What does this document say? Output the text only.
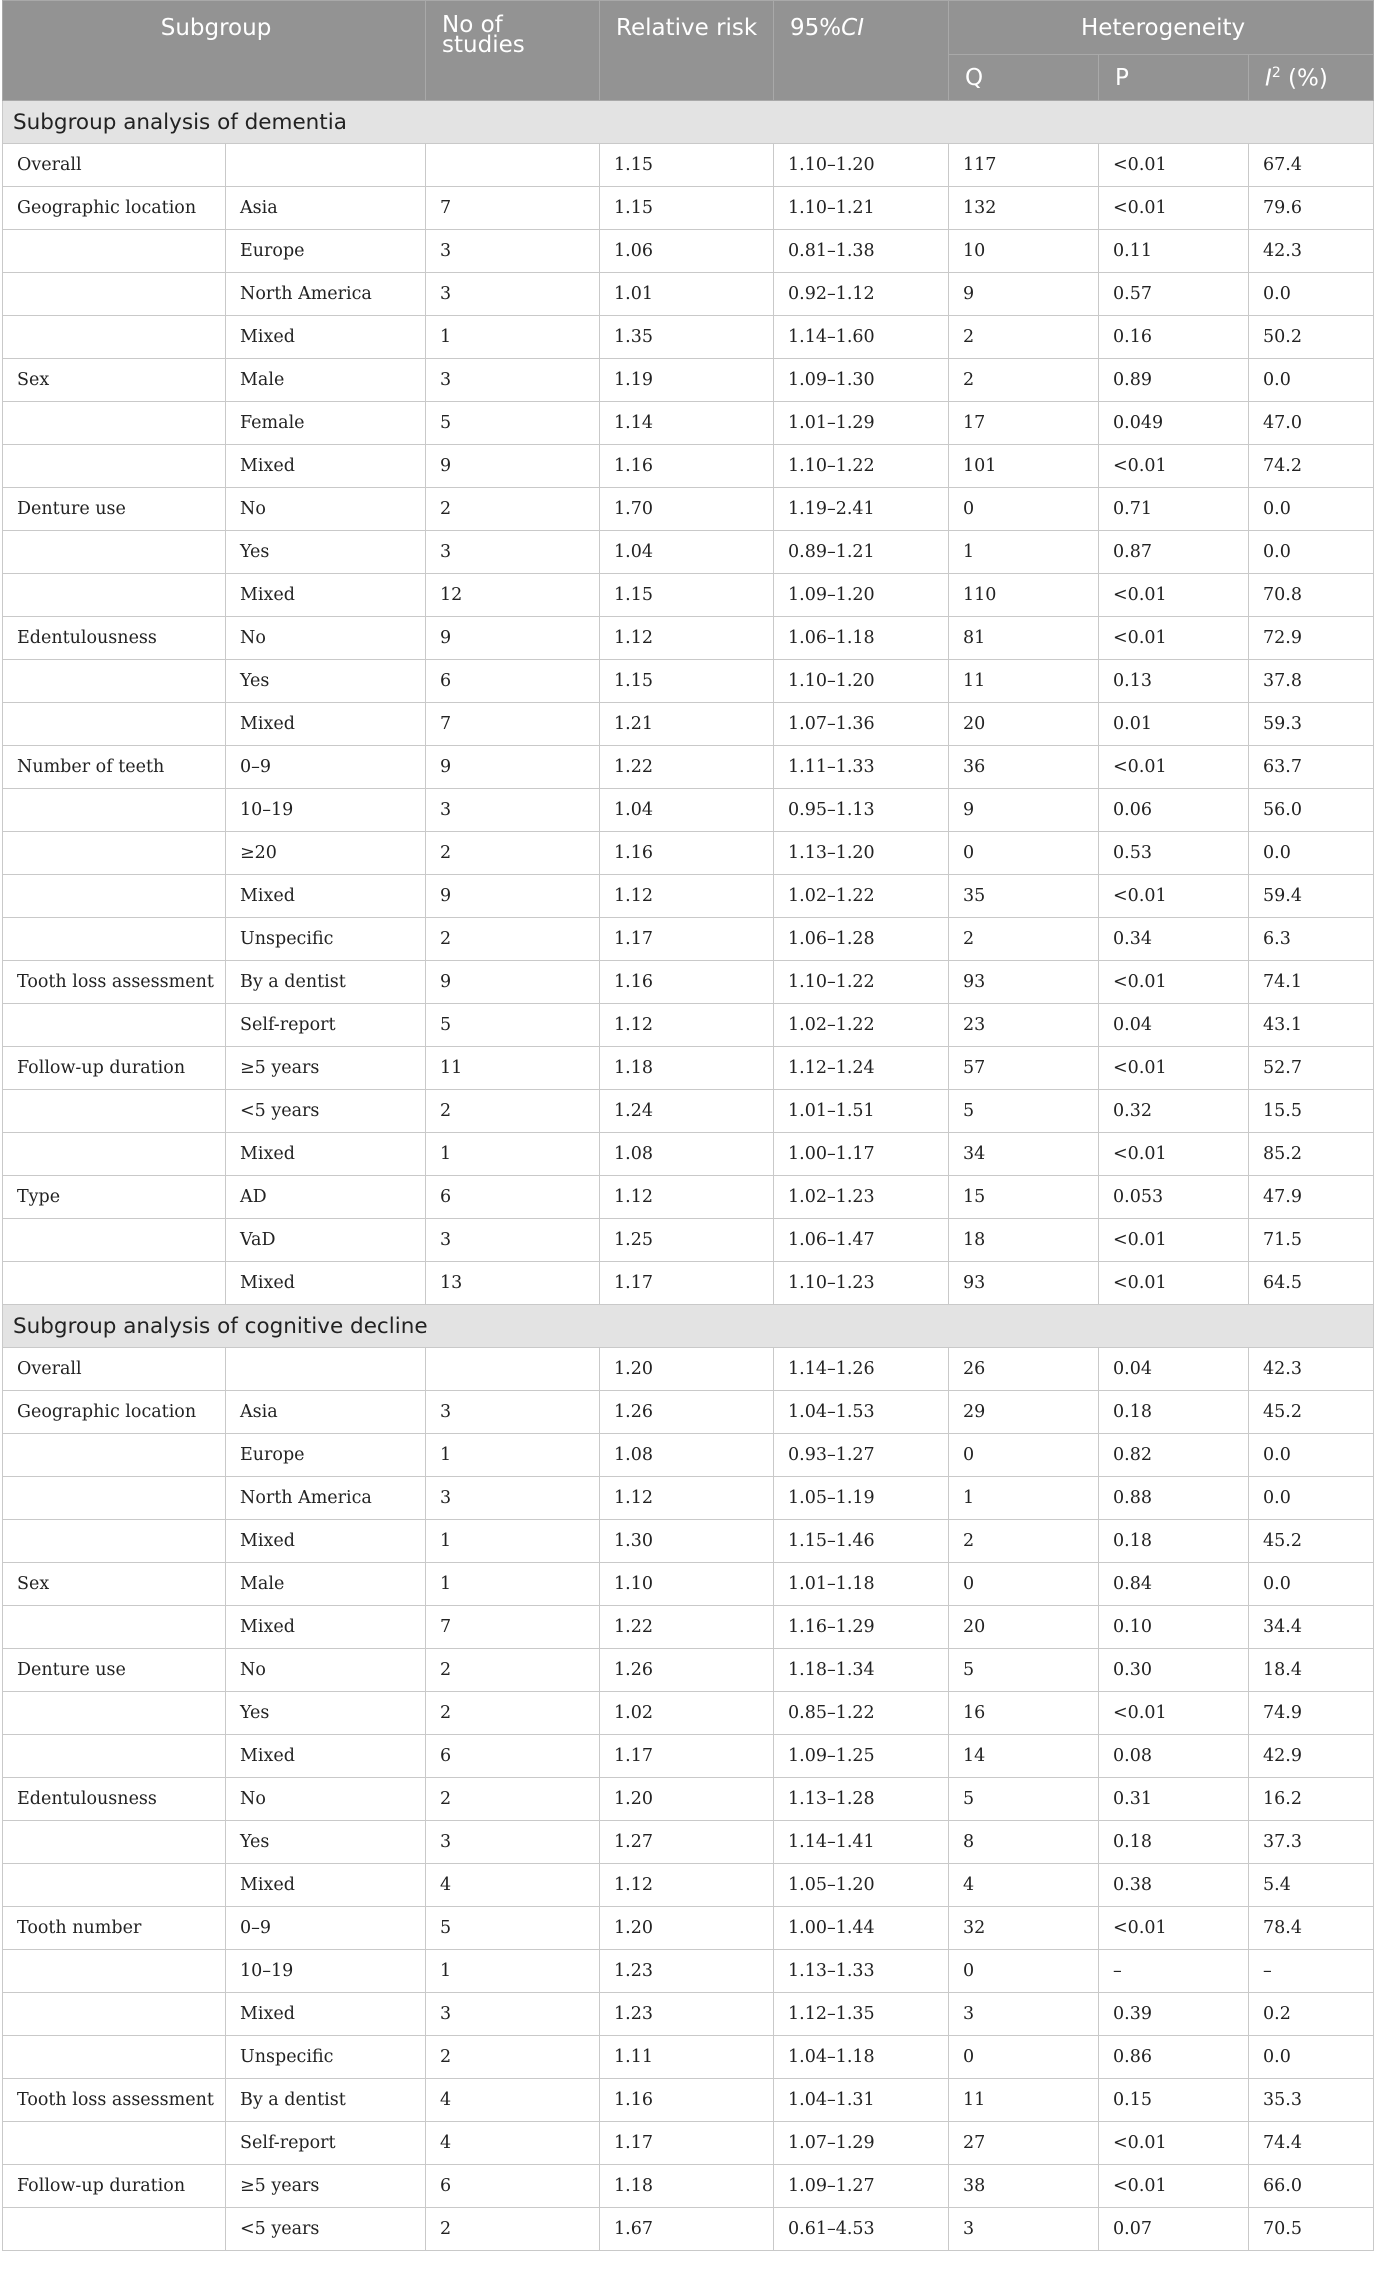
Subgroup		No of studies	Relative risk	95%CI	Heterogeneity		
					Q	P	$I^2$ (%)
Subgroup analysis of dementia							
Overall			1.15	1.10–1.20	117	<0.01	67.4
Geographic location	Asia	7	1.15	1.10–1.21	132	<0.01	79.6
	Europe	3	1.06	0.81–1.38	10	0.11	42.3
	North America	3	1.01	0.92–1.12	9	0.57	0.0
	Mixed	1	1.35	1.14–1.60	2	0.16	50.2
Sex	Male	3	1.19	1.09–1.30	2	0.89	0.0
	Female	5	1.14	1.01–1.29	17	0.049	47.0
	Mixed	9	1.16	1.10–1.22	101	<0.01	74.2
Denture use	No	2	1.70	1.19–2.41	0	0.71	0.0
	Yes	3	1.04	0.89–1.21	1	0.87	0.0
	Mixed	12	1.15	1.09–1.20	110	<0.01	70.8
Edentulousness	No	9	1.12	1.06–1.18	81	<0.01	72.9
	Yes	6	1.15	1.10–1.20	11	0.13	37.8
	Mixed	7	1.21	1.07–1.36	20	0.01	59.3
Number of teeth	0–9	9	1.22	1.11–1.33	36	<0.01	63.7
	10–19	3	1.04	0.95–1.13	9	0.06	56.0
	≥20	2	1.16	1.13–1.20	0	0.53	0.0
	Mixed	9	1.12	1.02–1.22	35	<0.01	59.4
	Unspecific	2	1.17	1.06–1.28	2	0.34	6.3
Tooth loss assessment	By a dentist	9	1.16	1.10–1.22	93	<0.01	74.1
	Self-report	5	1.12	1.02–1.22	23	0.04	43.1
Follow-up duration	≥5 years	11	1.18	1.12–1.24	57	<0.01	52.7
	<5 years	2	1.24	1.01–1.51	5	0.32	15.5
	Mixed	1	1.08	1.00–1.17	34	<0.01	85.2
Type	AD	6	1.12	1.02–1.23	15	0.053	47.9
	VaD	3	1.25	1.06–1.47	18	<0.01	71.5
	Mixed	13	1.17	1.10–1.23	93	<0.01	64.5
Subgroup analysis of cognitive decline							
Overall			1.20	1.14–1.26	26	0.04	42.3
Geographic location	Asia	3	1.26	1.04–1.53	29	0.18	45.2
	Europe	1	1.08	0.93–1.27	0	0.82	0.0
	North America	3	1.12	1.05–1.19	1	0.88	0.0
	Mixed	1	1.30	1.15–1.46	2	0.18	45.2
Sex	Male	1	1.10	1.01–1.18	0	0.84	0.0
	Mixed	7	1.22	1.16–1.29	20	0.10	34.4
Denture use	No	2	1.26	1.18–1.34	5	0.30	18.4
	Yes	2	1.02	0.85–1.22	16	<0.01	74.9
	Mixed	6	1.17	1.09–1.25	14	0.08	42.9
Edentulousness	No	2	1.20	1.13–1.28	5	0.31	16.2
	Yes	3	1.27	1.14–1.41	8	0.18	37.3
	Mixed	4	1.12	1.05–1.20	4	0.38	5.4
Tooth number	0–9	5	1.20	1.00–1.44	32	<0.01	78.4
	10–19	1	1.23	1.13–1.33	0	–	–
	Mixed	3	1.23	1.12–1.35	3	0.39	0.2
	Unspecific	2	1.11	1.04–1.18	0	0.86	0.0
Tooth loss assessment	By a dentist	4	1.16	1.04–1.31	11	0.15	35.3
	Self-report	4	1.17	1.07–1.29	27	<0.01	74.4
Follow-up duration	≥5 years	6	1.18	1.09–1.27	38	<0.01	66.0
	<5 years	2	1.67	0.61–4.53	3	0.07	70.5
